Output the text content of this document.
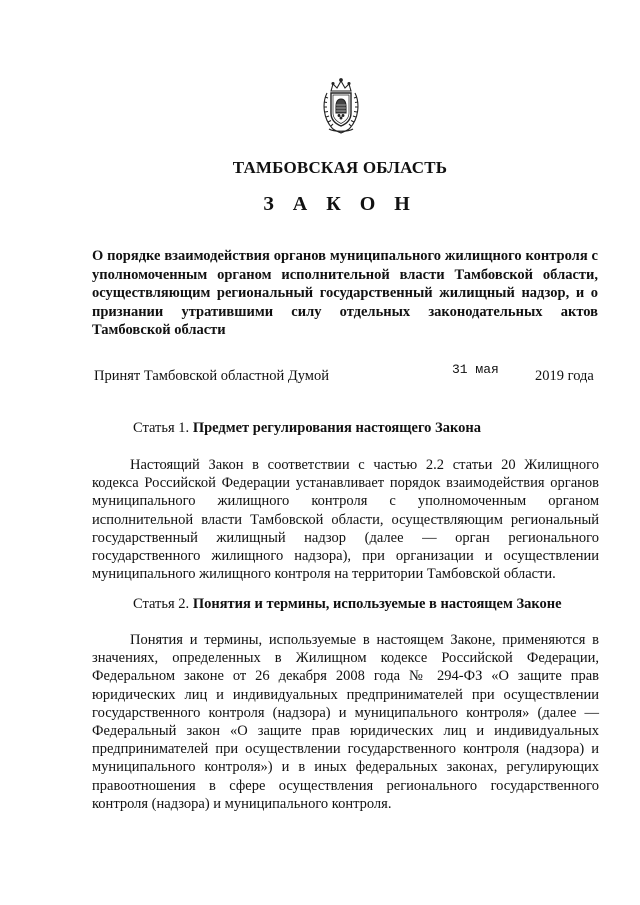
ТАМБОВСКАЯ ОБЛАСТЬ
З А К О Н
О порядке взаимодействия органов муниципального жилищного контроля с уполномоченным органом исполнительной власти Тамбовской области, осуществляющим региональный государственный жилищный надзор, и о признании утратившими силу отдельных законодательных актов Тамбовской области
Принят Тамбовской областной Думой	31 мая 2019 года
Статья 1. Предмет регулирования настоящего Закона
Настоящий Закон в соответствии с частью 2.2 статьи 20 Жилищного кодекса Российской Федерации устанавливает порядок взаимодействия органов муниципального жилищного контроля с уполномоченным органом исполнительной власти Тамбовской области, осуществляющим региональный государственный жилищный надзор (далее — орган регионального государственного жилищного надзора), при организации и осуществлении муниципального жилищного контроля на территории Тамбовской области.
Статья 2. Понятия и термины, используемые в настоящем Законе
Понятия и термины, используемые в настоящем Законе, применяются в значениях, определенных в Жилищном кодексе Российской Федерации, Федеральном законе от 26 декабря 2008 года № 294-ФЗ «О защите прав юридических лиц и индивидуальных предпринимателей при осуществлении государственного контроля (надзора) и муниципального контроля» (далее — Федеральный закон «О защите прав юридических лиц и индивидуальных предпринимателей при осуществлении государственного контроля (надзора) и муниципального контроля») и в иных федеральных законах, регулирующих правоотношения в сфере осуществления регионального государственного контроля (надзора) и муниципального контроля.
